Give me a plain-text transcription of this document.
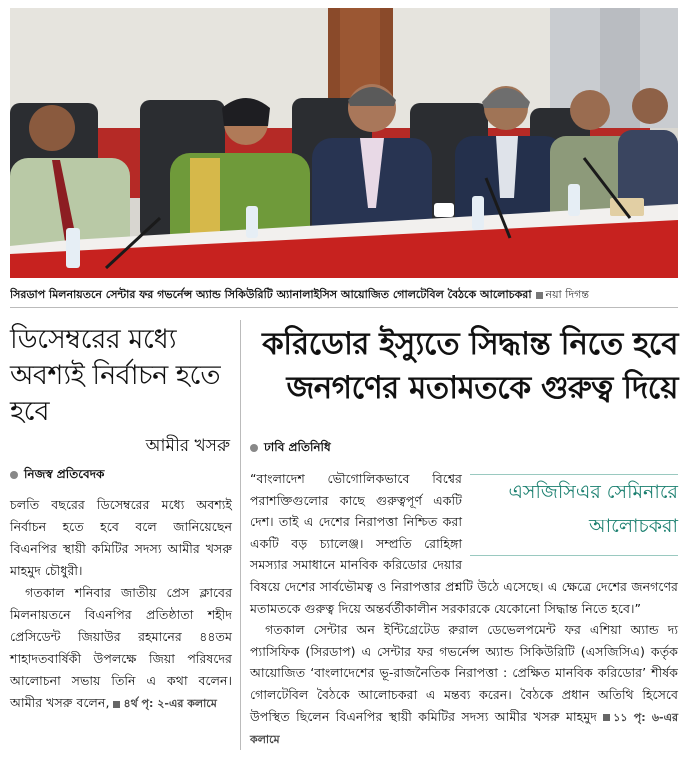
সিরডাপ মিলনায়তনে সেন্টার ফর গভর্নেন্স অ্যান্ড সিকিউরিটি অ্যানালাইসিস আয়োজিত গোলটেবিল বৈঠকে আলোচকরা নয়া দিগন্ত
ডিসেম্বরের মধ্যে অবশ্যই নির্বাচন হতে হবে
আমীর খসরু
নিজস্ব প্রতিবেদক

চলতি বছরের ডিসেম্বরের মধ্যে অবশ্যই নির্বাচন হতে হবে বলে জানিয়েছেন বিএনপির স্থায়ী কমিটির সদস্য আমীর খসরু মাহমুদ চৌধুরী।

গতকাল শনিবার জাতীয় প্রেস ক্লাবের মিলনায়তনে বিএনপির প্রতিষ্ঠাতা শহীদ প্রেসিডেন্ট জিয়াউর রহমানের ৪৪তম শাহাদতবার্ষিকী উপলক্ষে জিয়া পরিষদের আলোচনা সভায় তিনি এ কথা বলেন। আমীর খসরু বলেন, ৪র্থ পৃ: ২-এর কলামে

করিডোর ইস্যুতে সিদ্ধান্ত নিতে হবে
জনগণের মতামতকে গুরুত্ব দিয়ে
ঢাবি প্রতিনিধি
এসজিসিএর সেমিনারে
আলোচকরা

“বাংলাদেশ ভৌগোলিকভাবে বিশ্বের পরাশক্তিগুলোর কাছে গুরুত্বপূর্ণ একটি দেশ। তাই এ দেশের নিরাপত্তা নিশ্চিত করা একটি বড় চ্যালেঞ্জ। সম্প্রতি রোহিঙ্গা সমস্যার সমাধানে মানবিক করিডোর দেয়ার বিষয়ে দেশের সার্বভৌমত্ব ও নিরাপত্তার প্রশ্নটি উঠে এসেছে। এ ক্ষেত্রে দেশের জনগণের মতামতকে গুরুত্ব দিয়ে অন্তর্বর্তীকালীন সরকারকে যেকোনো সিদ্ধান্ত নিতে হবে।”

গতকাল সেন্টার অন ইন্টিগ্রেটেড রুরাল ডেভেলপমেন্ট ফর এশিয়া অ্যান্ড দ্য প্যাসিফিক (সিরডাপ) এ সেন্টার ফর গভর্নেন্স অ্যান্ড সিকিউরিটি (এসজিসিএ) কর্তৃক আয়োজিত ‘বাংলাদেশের ভূ-রাজনৈতিক নিরাপত্তা : প্রেক্ষিত মানবিক করিডোর’ শীর্ষক গোলটেবিল বৈঠকে আলোচকরা এ মন্তব্য করেন। বৈঠকে প্রধান অতিথি হিসেবে উপস্থিত ছিলেন বিএনপির স্থায়ী কমিটির সদস্য আমীর খসরু মাহমুদ ১১ পৃ: ৬-এর কলামে
